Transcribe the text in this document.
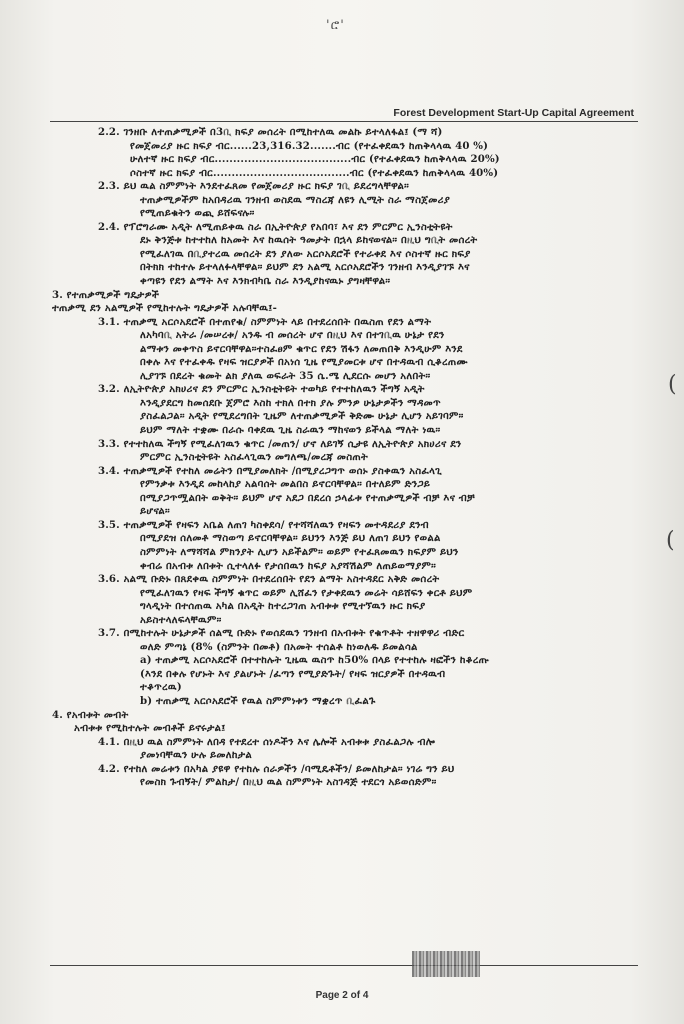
'ሮ'
Forest Development Start-Up Capital Agreement
2.2. ገንዘቡ ለተጠቃሚዎች በ3ቢ ክፍያ መሰረት በሚከተለዉ መልኩ ይተላለፋል፤ (ማ ሻ)
የመጀመሪያ ዙር ክፍያ ብር......23,316.32.......ብር (የተፈቀደዉን ከጠቅላላዉ 40 %)
ሁለተኛ ዙር ክፍያ ብር.....................................ብር (የተፈቀደዉን ከጠቅላላዉ 20%)
ሶስተኛ ዙር ክፍያ ብር.....................................ብር (የተፈቀደዉን ከጠቅላላዉ 40%)
2.3. ይህ ዉል ስምምነት እንደተፈጸመ የመጀመሪያ ዙር ክፍያ ገቢ ይደረግላቸዋል።
ተጠቃሚዎችም ከአበዳሪዉ ገንዘብ ወስደዉ ማስረጃ ለዩን ሊሚት ስራ ማስጀመሪያ
የሚጠይቁትን ወጪ ይሸፍናሉ።
2.4. የፕሮግራሙ አዲት ለሚጠይቀዉ ስራ በኢትዮጵያ የአበባ፣ እና ደን ምርምር ኢንስቲትዩት
ደኑ ቅንጅቱ ከተተከለ ከአመት እና ከዉሰት ዓመታት በኋላ ይከናወናል። በዚህ ግቢት መሰረት
የሚፈለገዉ በቢያተረዉ መሰረት ደን ያለው አርሶአደሮች የተራቀደ እና ሶስተኛ ዙር ክፍያ
በትክክ ተከተሉ ይተላለፉላቸዋል። ይህም ደን አልሚ አርሶአደሮችን ገንዘብ እንዲያገኙ እና
ቀጣዩን የደን ልማት እና እንክብካቤ ስራ እንዲያከናዉኑ ያግዛቸዋል።
3. የተጠቃሚዎች ግዴታዎች
ተጠቃሚ ደን አልሚዎች የሚከተሉት ግዴታዎች አሉባቸዉ፤-
3.1. ተጠቃሚ አርሶአደሮች በተጠየቁ/ ስምምነት ላይ በተደረሰበት በዉስጠ የደን ልማት
ለአካባቢ አትራ /መሠረቱ/ አንዱ ብ መሰረት ሆኖ በዚህ እና በተገቢዉ ሁኔታ የደን
ልማቱን መቀጥስ ይኖርባቸዋል።ተስፈፀም ቁጥር የደን ሽፋን ለመጠበቅ እንዲሁም እንደ
በቀሉ እና የተፈቀዱ የዛፍ ዝርያዎች በአነሰ ጊዜ የሚያመርቱ ሆኖ በተዳዉብ ሲቆረጠሙ
ሊያገኙ በደረት ቁመት ልክ ያለዉ ወፍራት 35 ሴ.ሜ ሊደርሱ መሆን አለበት።
3.2. ለኢትዮጵያ አክሀሪና ደን ምርምር ኢንስቲትዩት ተወካይ የተተከለዉን ችግኝ አዲት
እንዲያደርግ ከመሰደቡ ጀምሮ እስከ ተክለ በተክ ያሉ ምንዎ ሁኔታዎችን ማዳመጥ
ያስፈልጋል። አዲት የሚደረግበት ጊዜም ለተጠቃሚዎች ቅድሙ ሁኔታ ሊሆን አይገባም።
ይህም ማለት ተቋሙ በራሱ ባቀደዉ ጊዜ ስራዉን ማከናወን ይችላል ማለት ነዉ።
3.3. የተተከለዉ ችግኝ የሚፈለገዉን ቁጥር /መጠን/ ሆኖ ለይገኝ ሲታዩ ለኢትዮጵያ አክሀሪና ደን
ምርምር ኢንስቲትዩት አስፈላጊዉን መግለጫ/መረጃ መስጠት
3.4. ተጠቃሚዎች የተከለ መሬትን በሚያመለክት /በሚያረጋግጥ ወሰኑ ያስቀዉን አስፈላጊ
የምንቃቱ እንዲደ መከላከያ አልባሰት መልበስ ይኖርባቸዋል። በተለይም ድንጋይ
በሚያጋጥሟልበት ወቅት። ይህም ሆኖ አደጋ በደረሰ ኃላፊቱ የተጠቃሚዎች ብቻ እና ብቻ
ይሆናል።
3.5. ተጠቃሚዎች የዛፍን አቤል ለጠገ ካስቀደሳ/ የተሻሻለዉን የዛፍን መተዳደሪያ ደንብ
በሚያደዝ ሰለመቶ ማስወጣ ይኖርባቸዋል። ይህንን እንጅ ይህ ለጠገ ይህን የወልል
ስምምነት ለማሻሻል ምክንያት ሊሆን አይችልም። ወይም የተፈጸመዉን ክፍያም ይህን
ቀብሬ በአብቱ ለበቱት ሲተላለፉ የታሰበዉን ከፍያ አያሻሽልም ለጠይወማያም።
3.6. አልሚ ቡድኑ በጸደቀዉ ስምምነት በተደረሰበት የደን ልማት አስተዳደር አቅድ መሰረት
የሚፈለገዉን የዛፍ ችግኝ ቁጥር ወይም ሊሸፈን የታቀደዉን መሬት ሳይሸፍን ቀርቶ ይህም
ግላዲነት በተሰጠዉ አካል በአዲት ከተረጋገጠ አብቱቱ የሚተኘዉን ዙር ክፍያ
አይስተላለፍላቸዉም።
3.7. በሚከተሉት ሁኔታዎች ሰልሚ ቡድኑ የወሰደዉን ገንዘብ በአብቱት የቁጥቶት ተዘዋዋሪ ብድር
ወለድ ምጣኔ (8% (ስምንት በመቶ) በአመት ተሰልቶ ከነወለዱ ይመልሳል
a) ተጠቃሚ አርሶአደሮች በተተከሉት ጊዜዉ ዉስጥ ከ50% በላይ የተተከሉ ዛፎችን ከቆረጡ
(እንደ በቀሉ የሆኑት እና ያልሆኑት /ፈጣን የሚያድጉት/ የዛፍ ዝርያዎች በተዳዉብ
ተቆጥረዉ)
b) ተጠቃሚ አርሶአደሮች የዉል ስምምነቱን ማቋረጥ ቢፈልጉ
4. የአብቱት መብት
አብቱቱ የሚከተሉት መብቶች ይኖሩታል፤
4.1. በዚህ ዉል ስምምነት ለበዳ የተደረተ ሰነዶችን እና ሌሎች አብቱቱ ያስፈልጋሉ ብሎ
ያመነባቸዉን ሁሉ ይመለከታል
4.2. የተከለ መሬቱን በአካል ያዩዋ የተከሉ ሰራዎችን /ባሚዴቶችን/ ይመለከታል። ነገሬ ግን ይህ
የመስክ ጉብኝት/ ምልከታ/ በዚህ ዉል ስምምነት አስገዳጅ ተደርጎ አይወሰድም።
(
(
Page 2 of 4
